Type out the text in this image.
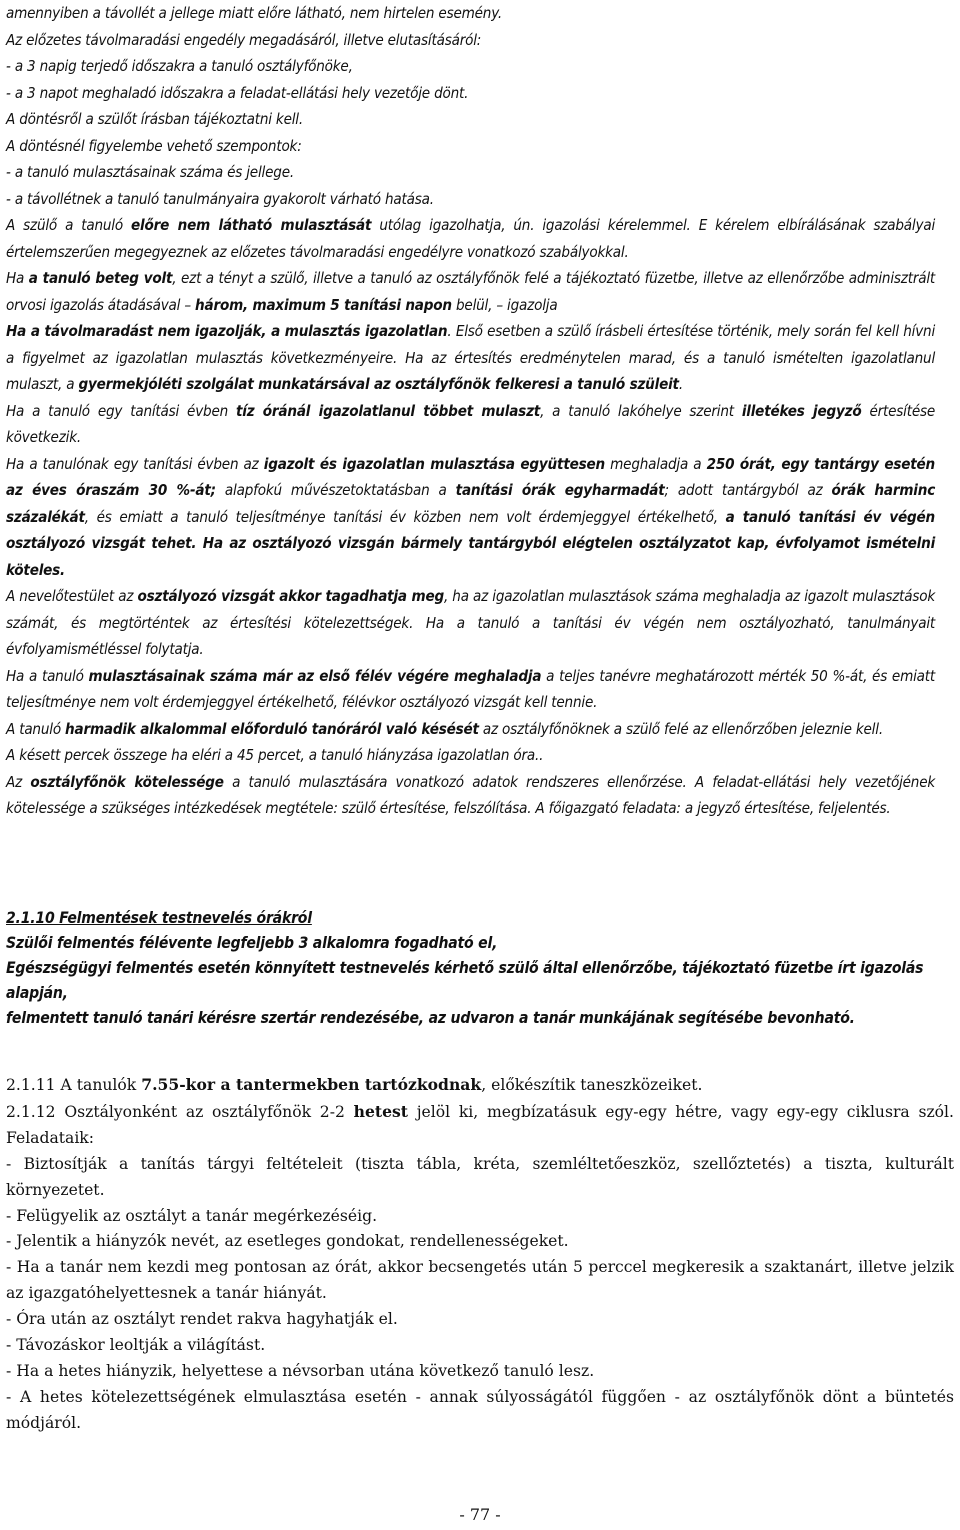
amennyiben a távollét a jellege miatt előre látható, nem hirtelen esemény.

Az előzetes távolmaradási engedély megadásáról, illetve elutasításáról:

- a 3 napig terjedő időszakra a tanuló osztályfőnöke,

- a 3 napot meghaladó időszakra a feladat-ellátási hely vezetője dönt.

A döntésről a szülőt írásban tájékoztatni kell.

A döntésnél figyelembe vehető szempontok:

- a tanuló mulasztásainak száma és jellege.

- a távollétnek a tanuló tanulmányaira gyakorolt várható hatása.

A szülő a tanuló előre nem látható mulasztását utólag igazolhatja, ún. igazolási kérelemmel. E kérelem elbírálásának szabályai értelemszerűen megegyeznek az előzetes távolmaradási engedélyre vonatkozó szabályokkal.

Ha a tanuló beteg volt, ezt a tényt a szülő, illetve a tanuló az osztályfőnök felé a tájékoztató füzetbe, illetve az ellenőrzőbe adminisztrált orvosi igazolás átadásával – három, maximum 5 tanítási napon belül, – igazolja

Ha a távolmaradást nem igazolják, a mulasztás igazolatlan. Első esetben a szülő írásbeli értesítése történik, mely során fel kell hívni a figyelmet az igazolatlan mulasztás következményeire. Ha az értesítés eredménytelen marad, és a tanuló ismételten igazolatlanul mulaszt, a gyermekjóléti szolgálat munkatársával az osztályfőnök felkeresi a tanuló szüleit.

Ha a tanuló egy tanítási évben tíz óránál igazolatlanul többet mulaszt, a tanuló lakóhelye szerint illetékes jegyző értesítése következik.

Ha a tanulónak egy tanítási évben az igazolt és igazolatlan mulasztása együttesen meghaladja a 250 órát, egy tantárgy esetén az éves óraszám 30 %-át; alapfokú művészetoktatásban a tanítási órák egyharmadát; adott tantárgyból az órák harminc százalékát, és emiatt a tanuló teljesítménye tanítási év közben nem volt érdemjeggyel értékelhető, a tanuló tanítási év végén osztályozó vizsgát tehet. Ha az osztályozó vizsgán bármely tantárgyból elégtelen osztályzatot kap, évfolyamot ismételni köteles.

A nevelőtestület az osztályozó vizsgát akkor tagadhatja meg, ha az igazolatlan mulasztások száma meghaladja az igazolt mulasztások számát, és megtörténtek az értesítési kötelezettségek. Ha a tanuló a tanítási év végén nem osztályozható, tanulmányait évfolyamismétléssel folytatja.

Ha a tanuló mulasztásainak száma már az első félév végére meghaladja a teljes tanévre meghatározott mérték 50 %-át, és emiatt teljesítménye nem volt érdemjeggyel értékelhető, félévkor osztályozó vizsgát kell tennie.

A tanuló harmadik alkalommal előforduló tanóráról való késését az osztályfőnöknek a szülő felé az ellenőrzőben jeleznie kell.

A késett percek összege ha eléri a 45 percet, a tanuló hiányzása igazolatlan óra..

Az osztályfőnök kötelessége a tanuló mulasztására vonatkozó adatok rendszeres ellenőrzése. A feladat-ellátási hely vezetőjének kötelessége a szükséges intézkedések megtétele: szülő értesítése, felszólítása. A főigazgató feladata: a jegyző értesítése, feljelentés.

2.1.10 Felmentések testnevelés órákról

Szülői felmentés félévente legfeljebb 3 alkalomra fogadható el,

Egészségügyi felmentés esetén könnyített testnevelés kérhető szülő által ellenőrzőbe, tájékoztató füzetbe írt igazolás alapján,

felmentett tanuló tanári kérésre szertár rendezésébe, az udvaron a tanár munkájának segítésébe bevonható.

2.1.11 A tanulók 7.55-kor a tantermekben tartózkodnak, előkészítik taneszközeiket.

2.1.12 Osztályonként az osztályfőnök 2-2 hetest jelöl ki, megbízatásuk egy-egy hétre, vagy egy-egy ciklusra szól. Feladataik:

- Biztosítják a tanítás tárgyi feltételeit (tiszta tábla, kréta, szemléltetőeszköz, szellőztetés) a tiszta, kulturált környezetet.

- Felügyelik az osztályt a tanár megérkezéséig.

- Jelentik a hiányzók nevét, az esetleges gondokat, rendellenességeket.

- Ha a tanár nem kezdi meg pontosan az órát, akkor becsengetés után 5 perccel megkeresik a szaktanárt, illetve jelzik az igazgatóhelyettesnek a tanár hiányát.

- Óra után az osztályt rendet rakva hagyhatják el.

- Távozáskor leoltják a világítást.

- Ha a hetes hiányzik, helyettese a névsorban utána következő tanuló lesz.

- A hetes kötelezettségének elmulasztása esetén - annak súlyosságától függően - az osztályfőnök dönt a büntetés módjáról.

- 77 -
